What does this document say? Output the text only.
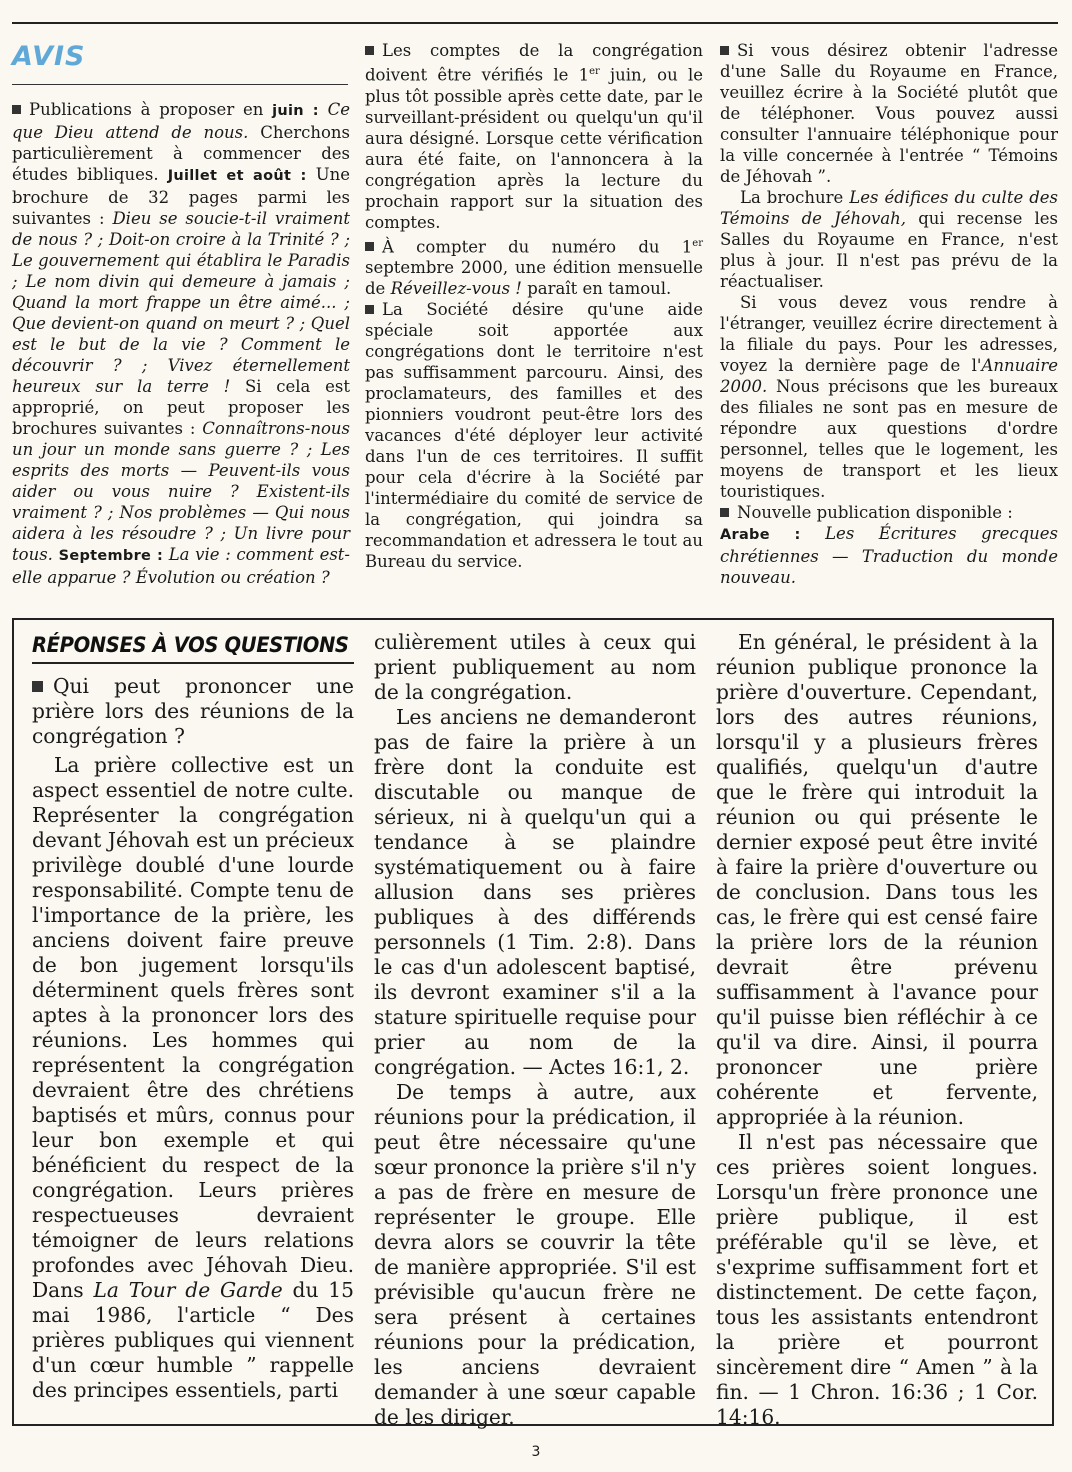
AVIS

Publications à proposer en juin : Ce que Dieu attend de nous. Cherchons particulièrement à commencer des études bibliques. Juillet et août : Une brochure de 32 pages parmi les suivantes : Dieu se soucie-t-il vraiment de nous ? ; Doit-on croire à la Trinité ? ; Le gouvernement qui établira le Paradis ; Le nom divin qui demeure à jamais ; Quand la mort frappe un être aimé... ; Que devient-on quand on meurt ? ; Quel est le but de la vie ? Comment le découvrir ? ; Vivez éternellement heureux sur la terre ! Si cela est approprié, on peut proposer les brochures suivantes : Connaîtrons-nous un jour un monde sans guerre ? ; Les esprits des morts — Peuvent-ils vous aider ou vous nuire ? Existent-ils vraiment ? ; Nos problèmes — Qui nous aidera à les résoudre ? ; Un livre pour tous. Septembre : La vie : comment est-elle apparue ? Évolution ou création ?

Les comptes de la congrégation doivent être vérifiés le 1er juin, ou le plus tôt possible après cette date, par le surveillant-président ou quelqu'un qu'il aura désigné. Lorsque cette vérification aura été faite, on l'annoncera à la congrégation après la lecture du prochain rapport sur la situation des comptes.

À compter du numéro du 1er septembre 2000, une édition mensuelle de Réveillez-vous ! paraît en tamoul.

La Société désire qu'une aide spéciale soit apportée aux congrégations dont le territoire n'est pas suffisamment parcouru. Ainsi, des proclamateurs, des familles et des pionniers voudront peut-être lors des vacances d'été déployer leur activité dans l'un de ces territoires. Il suffit pour cela d'écrire à la Société par l'intermédiaire du comité de service de la congrégation, qui joindra sa recommandation et adressera le tout au Bureau du service.

Si vous désirez obtenir l'adresse d'une Salle du Royaume en France, veuillez écrire à la Société plutôt que de téléphoner. Vous pouvez aussi consulter l'annuaire téléphonique pour la ville concernée à l'entrée “ Témoins de Jéhovah ”.

La brochure Les édifices du culte des Témoins de Jéhovah, qui recense les Salles du Royaume en France, n'est plus à jour. Il n'est pas prévu de la réactualiser.

Si vous devez vous rendre à l'étranger, veuillez écrire directement à la filiale du pays. Pour les adresses, voyez la dernière page de l'Annuaire 2000. Nous précisons que les bureaux des filiales ne sont pas en mesure de répondre aux questions d'ordre personnel, telles que le logement, les moyens de transport et les lieux touristiques.

Nouvelle publication disponible :
Arabe : Les Écritures grecques chrétiennes — Traduction du monde nouveau.

RÉPONSES À VOS QUESTIONS

Qui peut prononcer une prière lors des réunions de la congrégation ?

La prière collective est un aspect essentiel de notre culte. Représenter la congrégation devant Jéhovah est un précieux privilège doublé d'une lourde responsabilité. Compte tenu de l'importance de la prière, les anciens doivent faire preuve de bon jugement lorsqu'ils déterminent quels frères sont aptes à la prononcer lors des réunions. Les hommes qui représentent la congrégation devraient être des chrétiens baptisés et mûrs, connus pour leur bon exemple et qui bénéficient du respect de la congrégation. Leurs prières respectueuses devraient témoigner de leurs relations profondes avec Jéhovah Dieu. Dans La Tour de Garde du 15 mai 1986, l'article “ Des prières publiques qui viennent d'un cœur humble ” rappelle des principes essentiels, parti

culièrement utiles à ceux qui prient publiquement au nom de la congrégation.

Les anciens ne demanderont pas de faire la prière à un frère dont la conduite est discutable ou manque de sérieux, ni à quelqu'un qui a tendance à se plaindre systématiquement ou à faire allusion dans ses prières publiques à des différends personnels (1 Tim. 2:8). Dans le cas d'un adolescent baptisé, ils devront examiner s'il a la stature spirituelle requise pour prier au nom de la congrégation. — Actes 16:1, 2.

De temps à autre, aux réunions pour la prédication, il peut être nécessaire qu'une sœur prononce la prière s'il n'y a pas de frère en mesure de représenter le groupe. Elle devra alors se couvrir la tête de manière appropriée. S'il est prévisible qu'aucun frère ne sera présent à certaines réunions pour la prédication, les anciens devraient demander à une sœur capable de les diriger.

En général, le président à la réunion publique prononce la prière d'ouverture. Cependant, lors des autres réunions, lorsqu'il y a plusieurs frères qualifiés, quelqu'un d'autre que le frère qui introduit la réunion ou qui présente le dernier exposé peut être invité à faire la prière d'ouverture ou de conclusion. Dans tous les cas, le frère qui est censé faire la prière lors de la réunion devrait être prévenu suffisamment à l'avance pour qu'il puisse bien réfléchir à ce qu'il va dire. Ainsi, il pourra prononcer une prière cohérente et fervente, appropriée à la réunion.

Il n'est pas nécessaire que ces prières soient longues. Lorsqu'un frère prononce une prière publique, il est préférable qu'il se lève, et s'exprime suffisamment fort et distinctement. De cette façon, tous les assistants entendront la prière et pourront sincèrement dire “ Amen ” à la fin. — 1 Chron. 16:36 ; 1 Cor. 14:16.

3
